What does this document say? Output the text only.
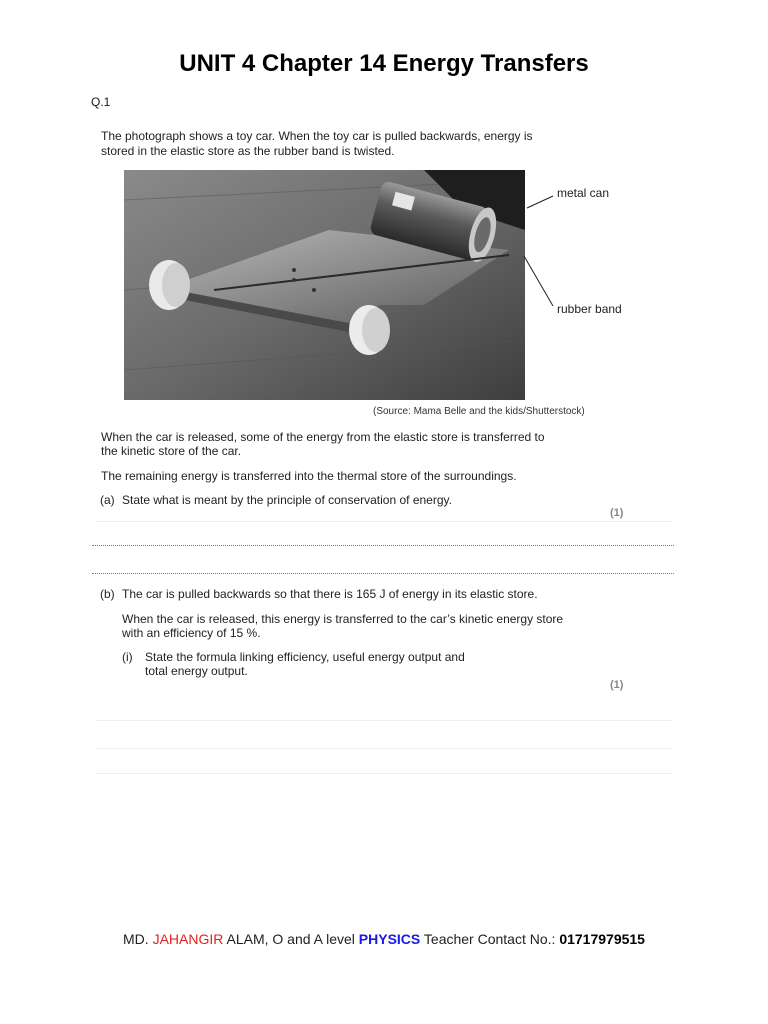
UNIT 4 Chapter 14 Energy Transfers
Q.1
The photograph shows a toy car. When the toy car is pulled backwards, energy is
stored in the elastic store as the rubber band is twisted.
metal can
rubber band
(Source: Mama Belle and the kids/Shutterstock)
When the car is released, some of the energy from the elastic store is transferred to
the kinetic store of the car.
The remaining energy is transferred into the thermal store of the surroundings.
(a) State what is meant by the principle of conservation of energy.
(1)
(b) The car is pulled backwards so that there is 165 J of energy in its elastic store.
When the car is released, this energy is transferred to the car’s kinetic energy store
with an efficiency of 15 %.
(i) State the formula linking efficiency, useful energy output and
total energy output.
(1)
MD. JAHANGIR ALAM, O and A level PHYSICS Teacher Contact No.: 01717979515
